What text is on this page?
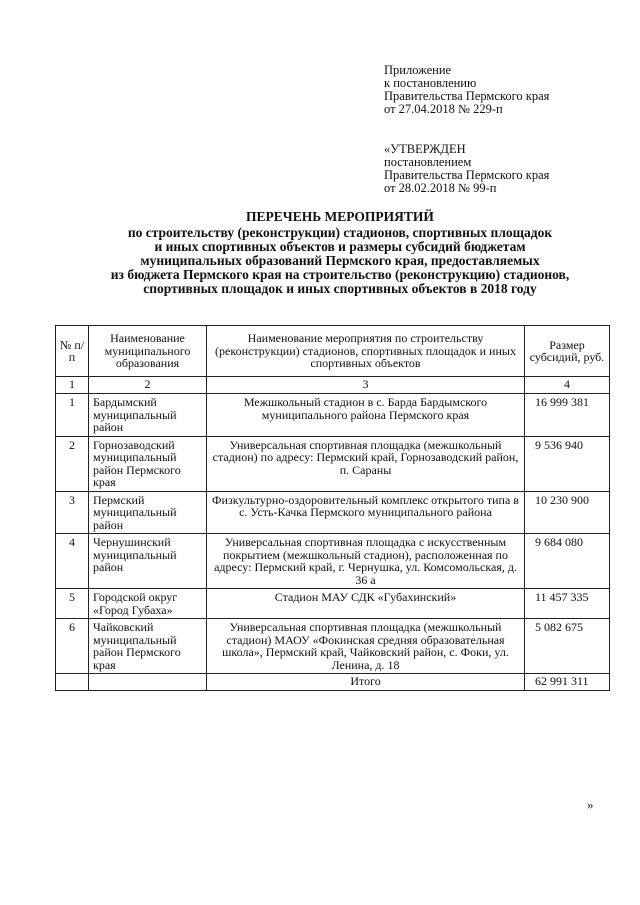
Приложение
к постановлению
Правительства Пермского края
от 27.04.2018 № 229-п
«УТВЕРЖДЕН
постановлением
Правительства Пермского края
от 28.02.2018 № 99-п
ПЕРЕЧЕНЬ МЕРОПРИЯТИЙ
по строительству (реконструкции) стадионов, спортивных площадок
и иных спортивных объектов и размеры субсидий бюджетам
муниципальных образований Пермского края, предоставляемых
из бюджета Пермского края на строительство (реконструкцию) стадионов,
спортивных площадок и иных спортивных объектов в 2018 году
№ п/п	Наименование муниципального образования	Наименование мероприятия по строительству (реконструкции) стадионов, спортивных площадок и иных спортивных объектов	Размер субсидий, руб.
1	2	3	4
1	Бардымский муниципальный район	Межшкольный стадион в с. Барда Бардымского муниципального района Пермского края	16 999 381
2	Горнозаводский муниципальный район Пермского края	Универсальная спортивная площадка (межшкольный стадион) по адресу: Пермский край, Горнозаводский район, п. Сараны	9 536 940
3	Пермский муниципальный район	Физкультурно-оздоровительный комплекс открытого типа в с. Усть-Качка Пермского муниципального района	10 230 900
4	Чернушинский муниципальный район	Универсальная спортивная площадка с искусственным покрытием (межшкольный стадион), расположенная по адресу: Пермский край, г. Чернушка, ул. Комсомольская, д. 36 а	9 684 080
5	Городской округ «Город Губаха»	Стадион МАУ СДК «Губахинский»	11 457 335
6	Чайковский муниципальный район Пермского края	Универсальная спортивная площадка (межшкольный стадион) МАОУ «Фокинская средняя образовательная школа», Пермский край, Чайковский район, с. Фоки, ул. Ленина, д. 18	5 082 675
		Итого	62 991 311
»
